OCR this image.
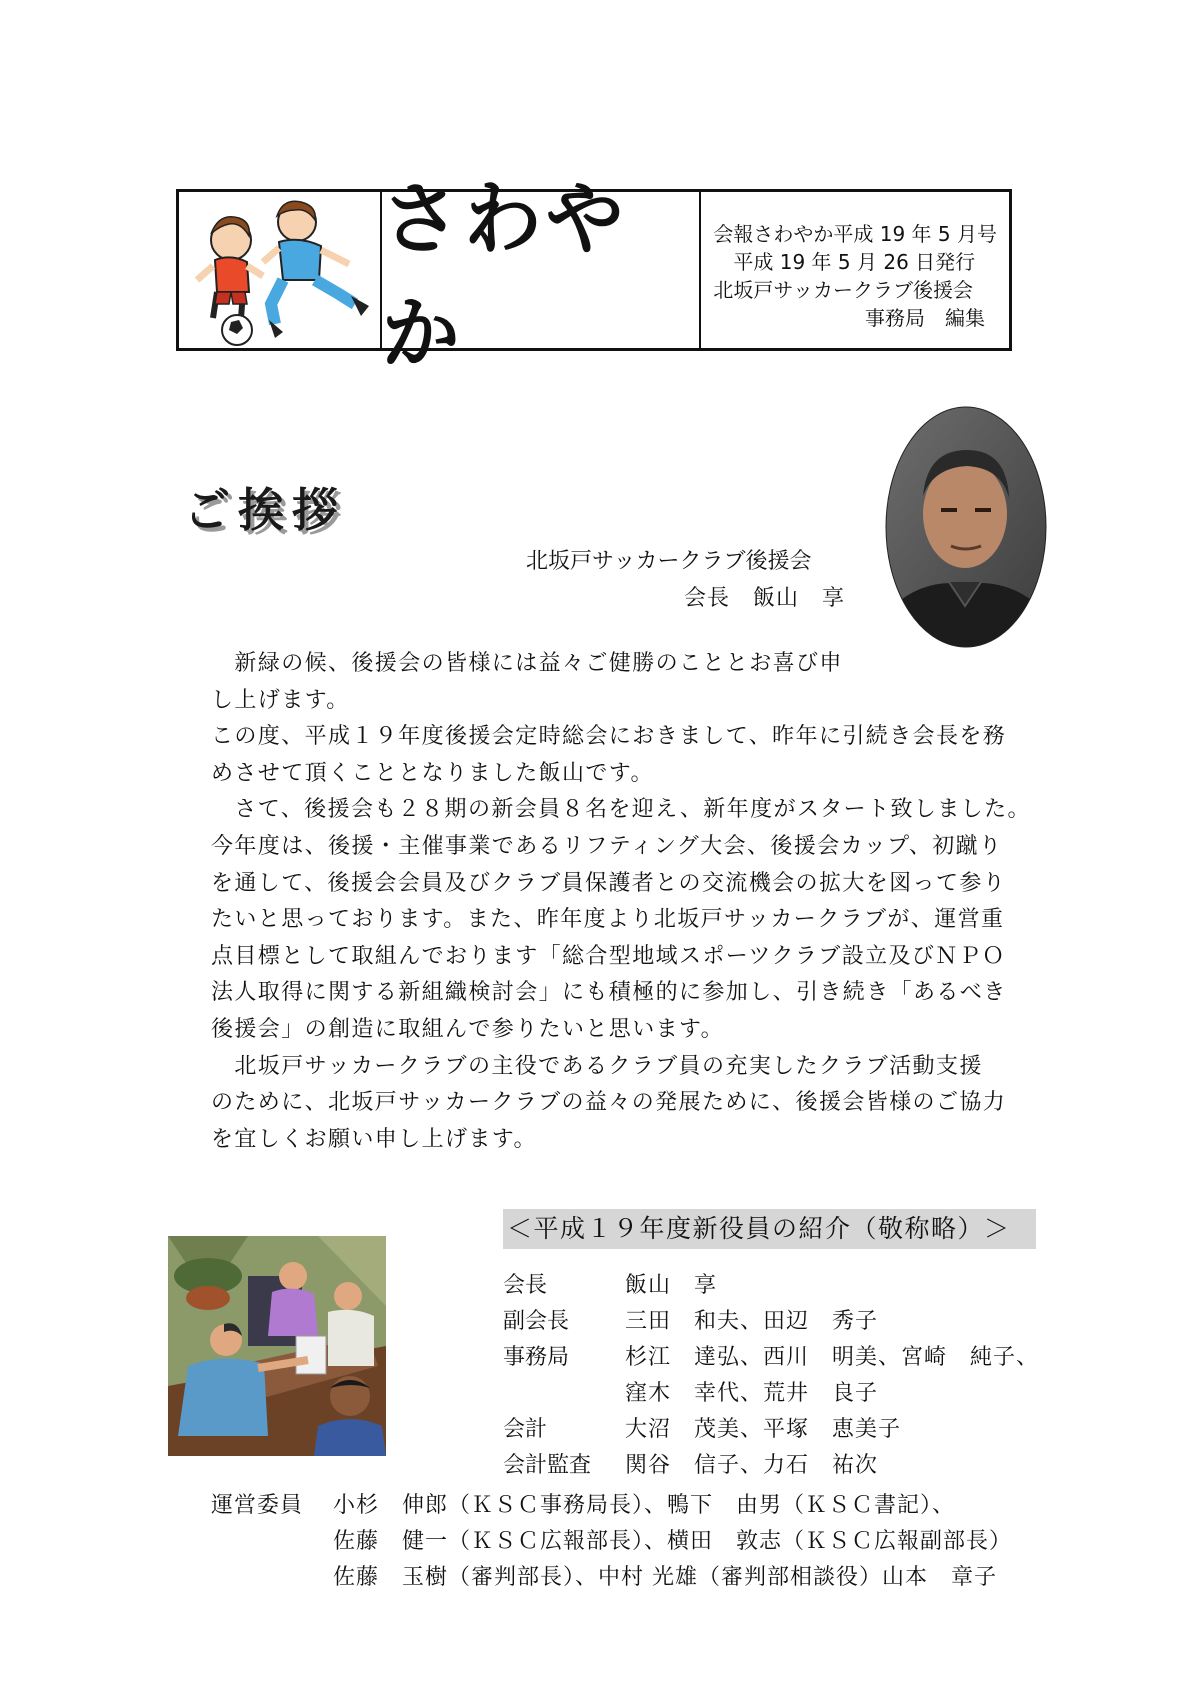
さわやか
会報さわやか平成 19 年 5 月号
平成 19 年 5 月 26 日発行
北坂戸サッカークラブ後援会
事務局　編集
ご挨拶
北坂戸サッカークラブ後援会
会長　飯山　享

　新緑の候、後援会の皆様には益々ご健勝のこととお喜び申

し上げます。

この度、平成１９年度後援会定時総会におきまして、昨年に引続き会長を務

めさせて頂くこととなりました飯山です。

　さて、後援会も２８期の新会員８名を迎え、新年度がスタート致しました。

今年度は、後援・主催事業であるリフティング大会、後援会カップ、初蹴り

を通して、後援会会員及びクラブ員保護者との交流機会の拡大を図って参り

たいと思っております。また、昨年度より北坂戸サッカークラブが、運営重

点目標として取組んでおります「総合型地域スポーツクラブ設立及びＮＰＯ

法人取得に関する新組織検討会」にも積極的に参加し、引き続き「あるべき

後援会」の創造に取組んで参りたいと思います。

　北坂戸サッカークラブの主役であるクラブ員の充実したクラブ活動支援

のために、北坂戸サッカークラブの益々の発展ために、後援会皆様のご協力

を宜しくお願い申し上げます。

＜平成１９年度新役員の紹介（敬称略）＞
会長	飯山　享
副会長	三田　和夫、田辺　秀子
事務局	杉江　達弘、西川　明美、宮崎　純子、
窪木　幸代、荒井　良子
会計	大沼　茂美、平塚　恵美子
会計監査 関谷　信子、力石　祐次
運営委員 小杉　伸郎（ＫＳＣ事務局長）、鴨下　由男（ＫＳＣ書記）、
佐藤　健一（ＫＳＣ広報部長）、横田　敦志（ＫＳＣ広報副部長）
佐藤　玉樹（審判部長）、中村 光雄（審判部相談役）山本　章子
